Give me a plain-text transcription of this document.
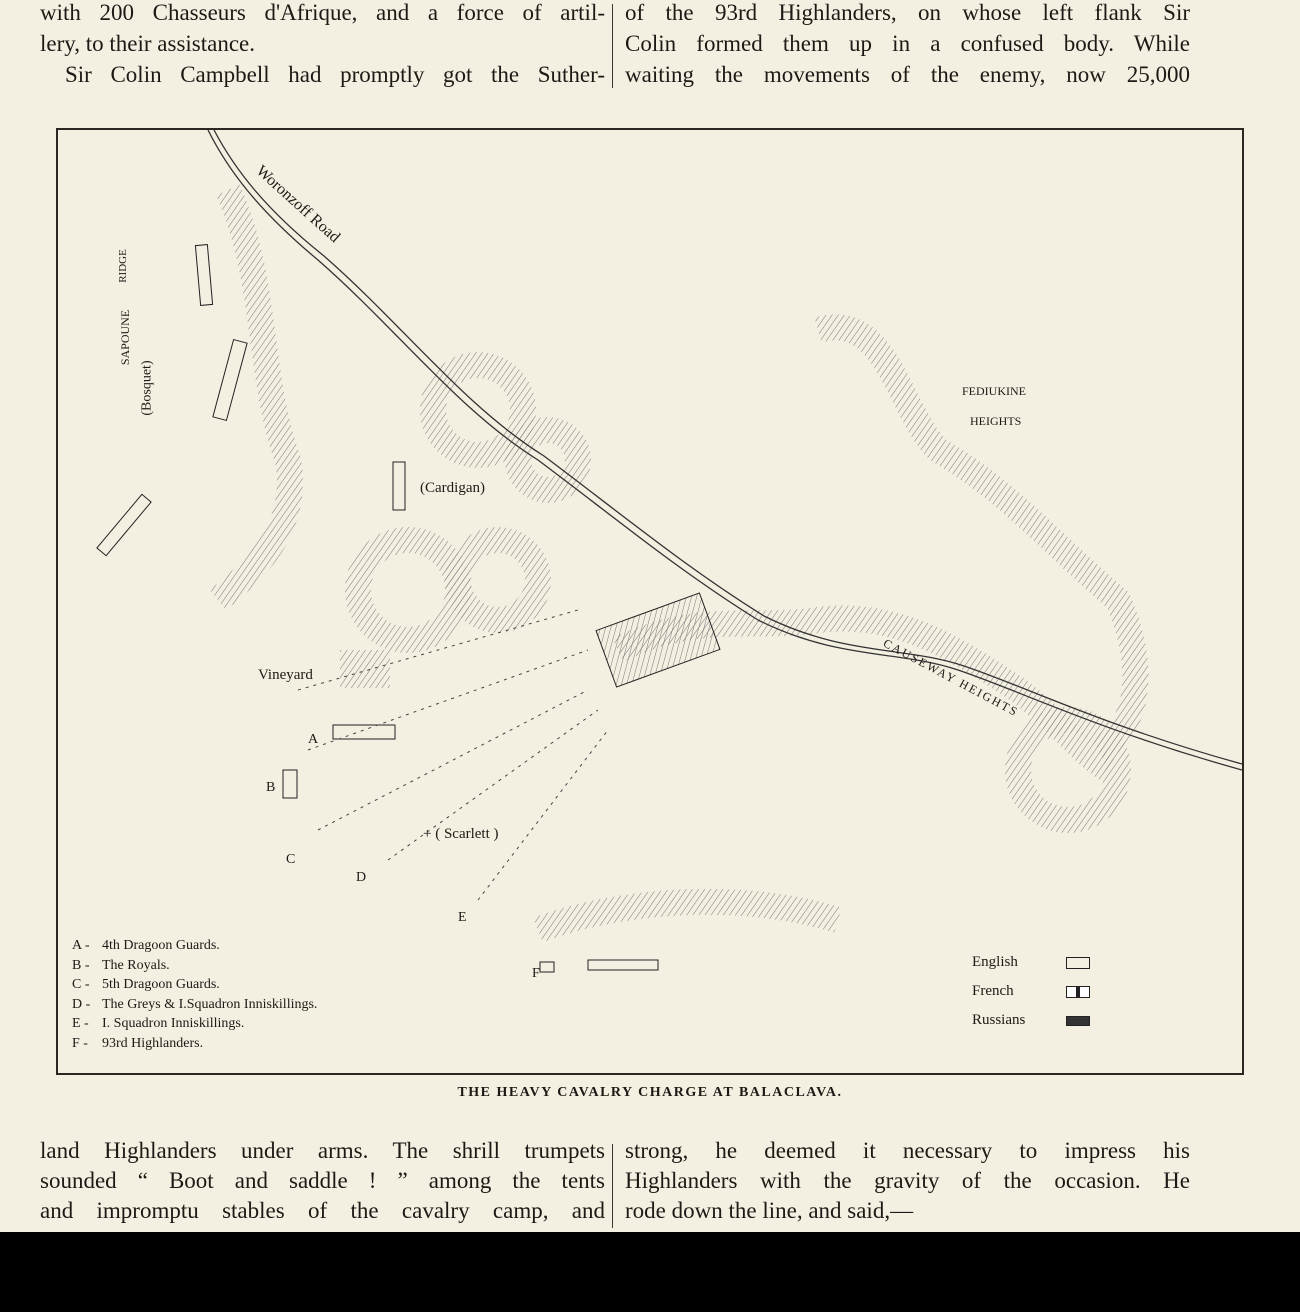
with 200 Chasseurs d'Afrique, and a force of artil-

lery, to their assistance.

Sir Colin Campbell had promptly got the Suther-

of the 93rd Highlanders, on whose left flank Sir

Colin formed them up in a confused body. While

waiting the movements of the enemy, now 25,000

Woronzoff Road
SAPOUNE
RIDGE
(Bosquet)	FEDIUKINE
HEIGHTS
(Cardigan)
Vineyard
+ ( Scarlett )
CAUSEWAY HEIGHTS
A
B
C
D
E
F
A - 4th Dragoon Guards.
B - The Royals.
C - 5th Dragoon Guards.
D - The Greys & I.Squadron Inniskillings.
E - I. Squadron Inniskillings.
F - 93rd Highlanders.
English
French
Russians
THE HEAVY CAVALRY CHARGE AT BALACLAVA.

land Highlanders under arms. The shrill trumpets

sounded “ Boot and saddle ! ” among the tents

and impromptu stables of the cavalry camp, and

strong, he deemed it necessary to impress his

Highlanders with the gravity of the occasion. He

rode down the line, and said,—
